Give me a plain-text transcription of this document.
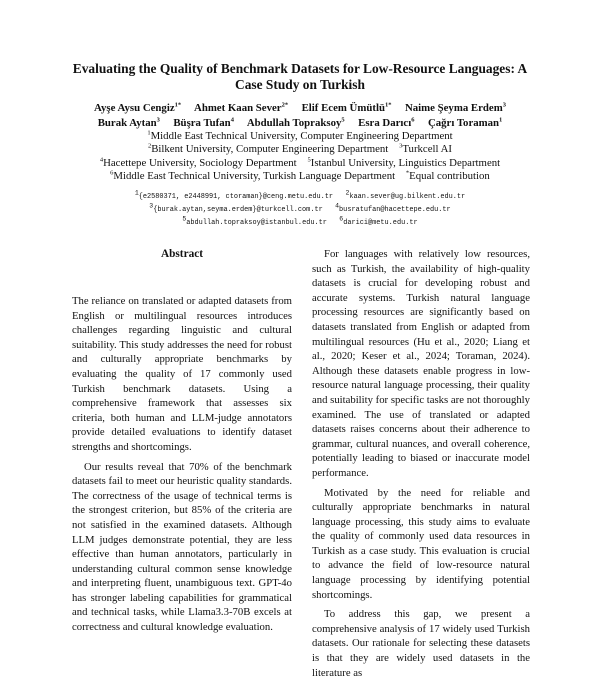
Evaluating the Quality of Benchmark Datasets for Low-Resource Languages: A Case Study on Turkish
Ayşe Aysu Cengiz$^{1*}$ Ahmet Kaan Sever$^{2*}$ Elif Ecem Ümütlü$^{1*}$ Naime Şeyma Erdem$^3$
Burak Aytan$^3$ Büşra Tufan$^4$ Abdullah Topraksoy$^5$ Esra Darıcı$^6$ Çağrı Toraman$^1$
$^1$Middle East Technical University, Computer Engineering Department
$^2$Bilkent University, Computer Engineering Department $^3$Turkcell AI
$^4$Hacettepe University, Sociology Department $^5$Istanbul University, Linguistics Department
$^6$Middle East Technical University, Turkish Language Department *Equal contribution
$^1${e2580371, e2448991, ctoraman}@ceng.metu.edu.tr $^2$kaan.sever@ug.bilkent.edu.tr
$^3${burak.aytan,seyma.erdem}@turkcell.com.tr $^4$busratufan@hacettepe.edu.tr
$^5$abdullah.topraksoy@istanbul.edu.tr $^6$darici@metu.edu.tr
Abstract

The reliance on translated or adapted datasets from English or multilingual resources introduces challenges regarding linguistic and cultural suitability. This study addresses the need for robust and culturally appropriate benchmarks by evaluating the quality of 17 commonly used Turkish benchmark datasets. Using a comprehensive framework that assesses six criteria, both human and LLM-judge annotators provide detailed evaluations to identify dataset strengths and shortcomings.

Our results reveal that 70% of the benchmark datasets fail to meet our heuristic quality standards. The correctness of the usage of technical terms is the strongest criterion, but 85% of the criteria are not satisfied in the examined datasets. Although LLM judges demonstrate potential, they are less effective than human annotators, particularly in understanding cultural common sense knowledge and interpreting fluent, unambiguous text. GPT-4o has stronger labeling capabilities for grammatical and technical tasks, while Llama3.3-70B excels at correctness and cultural knowledge evaluation.

For languages with relatively low resources, such as Turkish, the availability of high-quality datasets is crucial for developing robust and accurate systems. Turkish natural language processing resources are significantly based on datasets translated from English or adapted from multilingual resources (Hu et al., 2020; Liang et al., 2020; Keser et al., 2024; Toraman, 2024). Although these datasets enable progress in low-resource natural language processing, their quality and suitability for specific tasks are not thoroughly examined. The use of translated or adapted datasets raises concerns about their adherence to grammar, cultural nuances, and overall coherence, potentially leading to biased or inaccurate model performance.

Motivated by the need for reliable and culturally appropriate benchmarks in natural language processing, this study aims to evaluate the quality of commonly used data resources in Turkish as a case study. This evaluation is crucial to advance the field of low-resource natural language processing by identifying potential shortcomings.

To address this gap, we present a comprehensive analysis of 17 widely used Turkish datasets. Our rationale for selecting these datasets is that they are widely used datasets in the literature as
